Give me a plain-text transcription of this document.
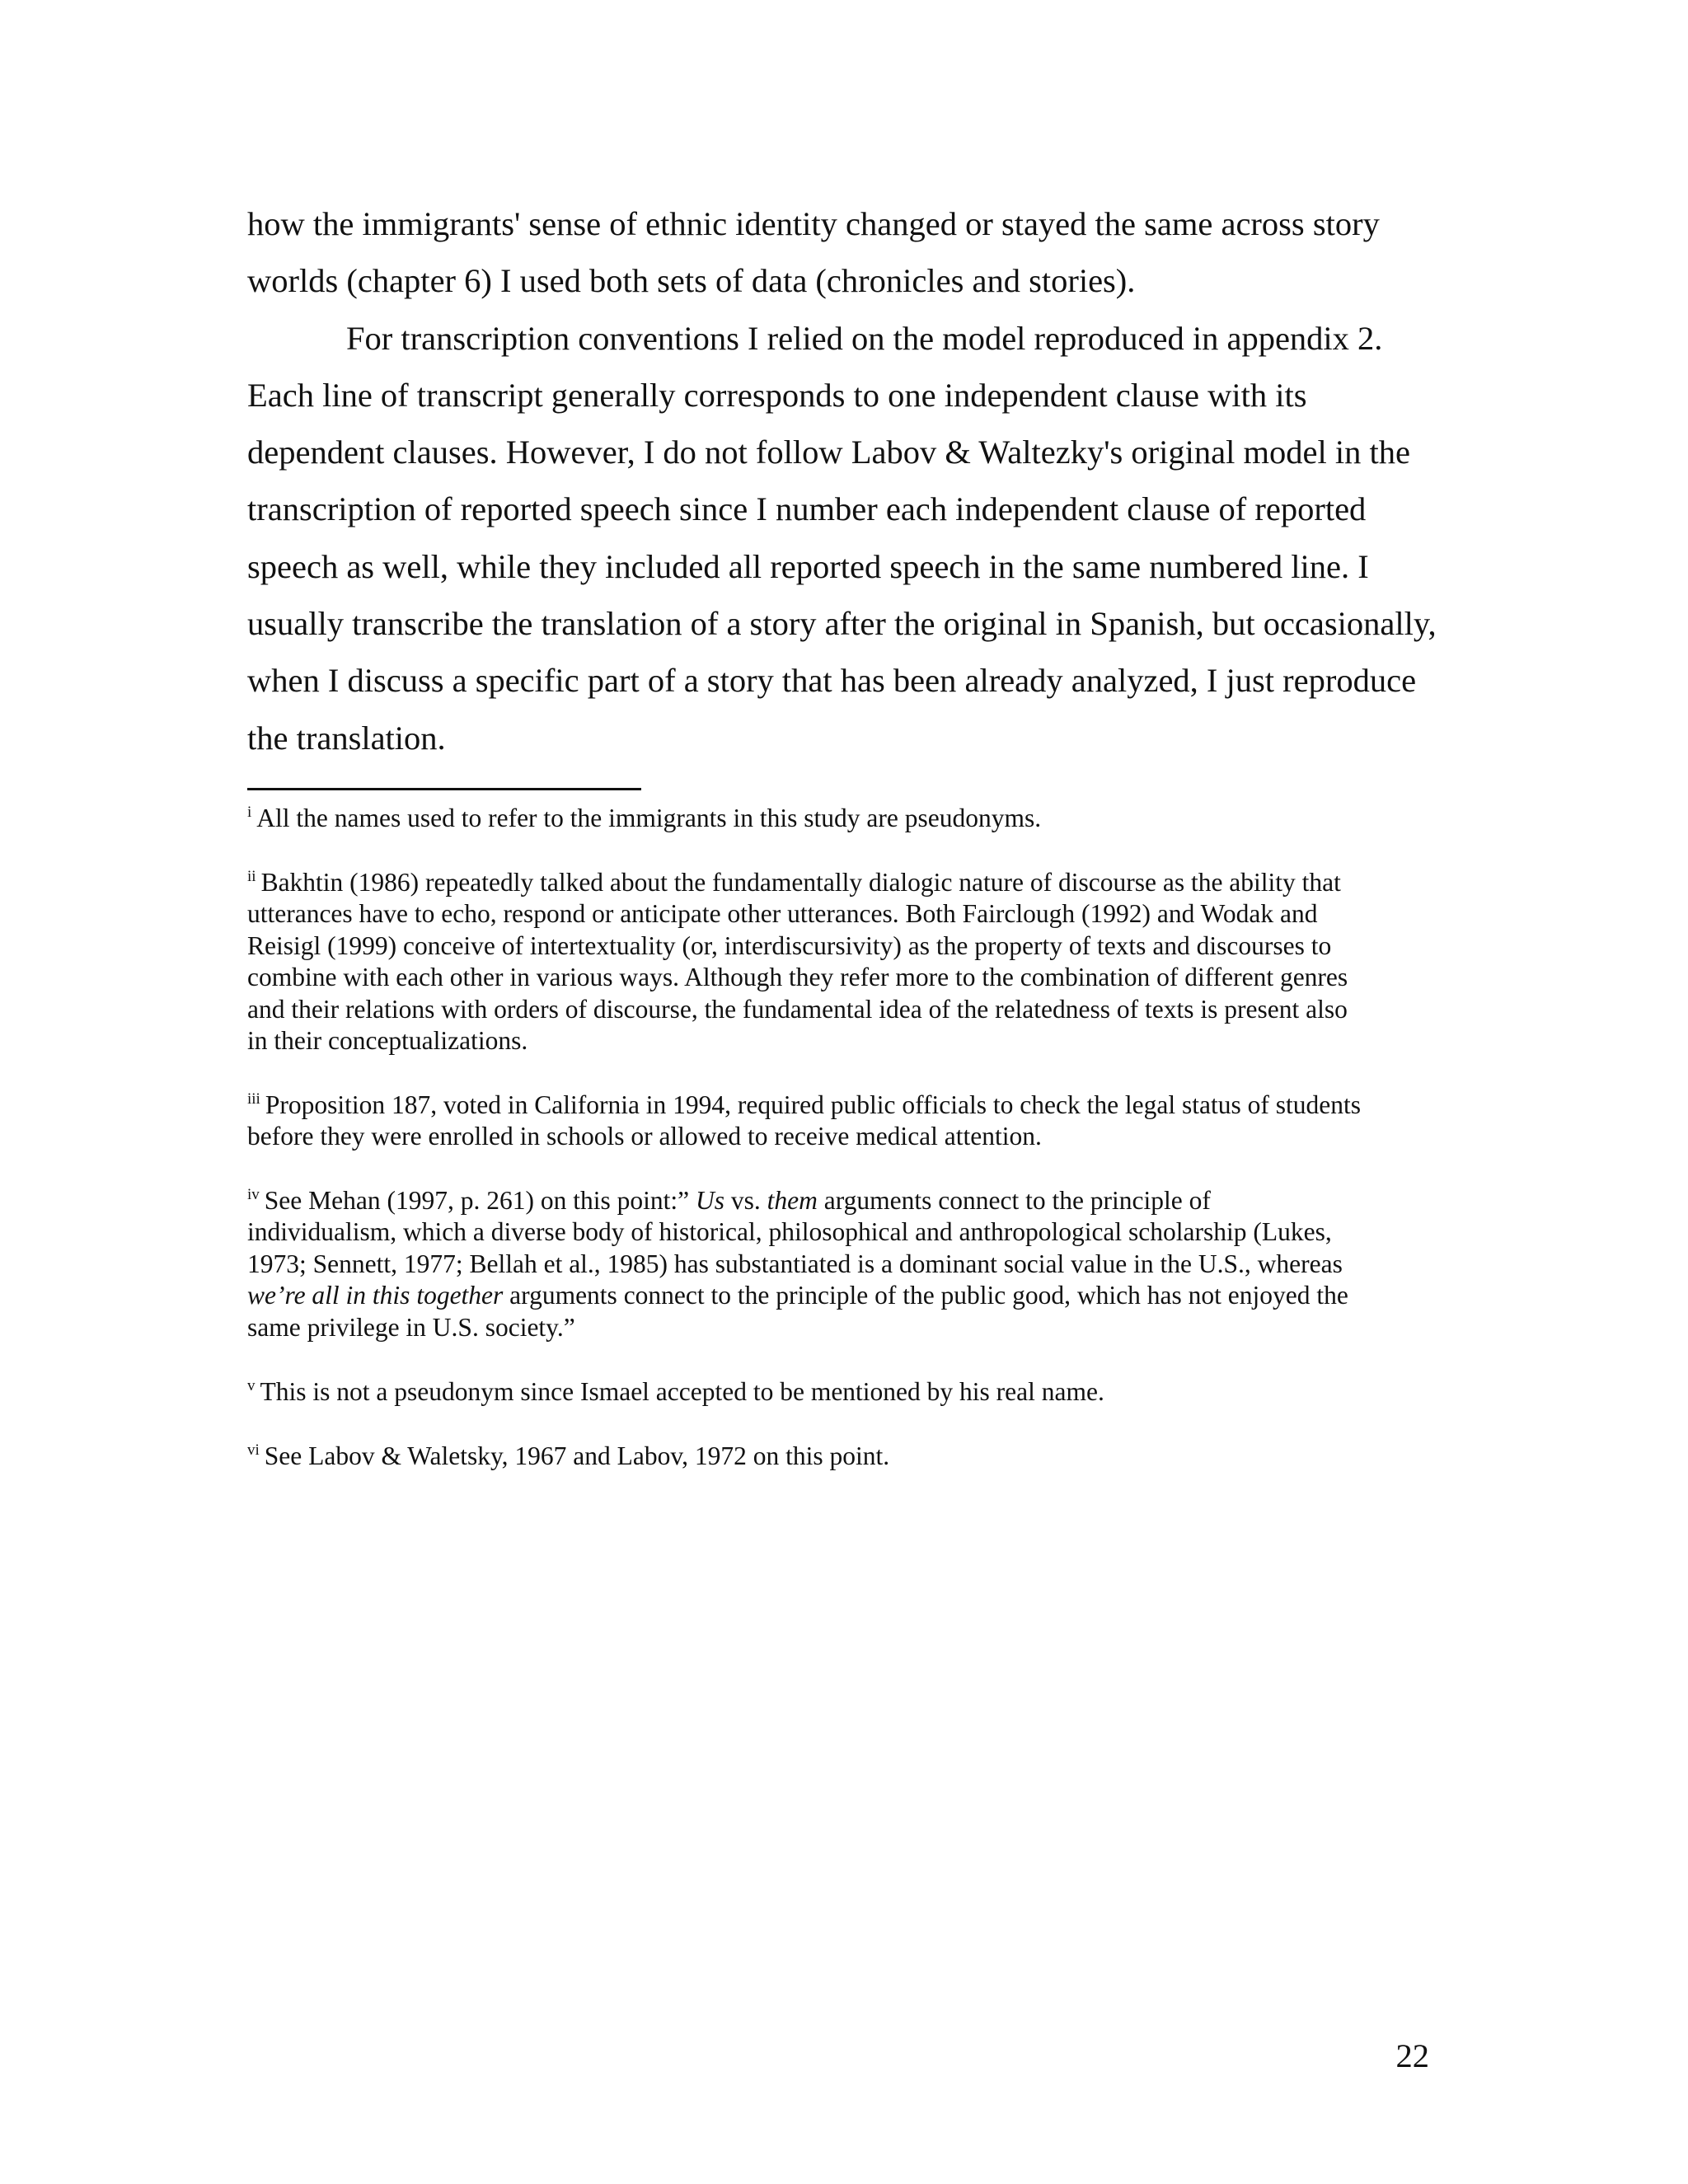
how the immigrants' sense of ethnic identity changed or stayed the same across story

worlds (chapter 6) I used both sets of data (chronicles and stories).

For transcription conventions I relied on the model reproduced in appendix 2.

Each line of transcript generally corresponds to one independent clause with its

dependent clauses. However, I do not follow Labov & Waltezky's original model in the

transcription of reported speech since I number each independent clause of reported

speech as well, while they included all reported speech in the same numbered line. I

usually transcribe the translation of a story after the original in Spanish, but occasionally,

when I discuss a specific part of a story that has been already analyzed, I just reproduce

the translation.

$^i$ All the names used to refer to the immigrants in this study are pseudonyms.
$^{ii}$ Bakhtin (1986) repeatedly talked about the fundamentally dialogic nature of discourse as the ability that
utterances have to echo, respond or anticipate other utterances. Both Fairclough (1992) and Wodak and
Reisigl (1999) conceive of intertextuality (or, interdiscursivity) as the property of texts and discourses to
combine with each other in various ways. Although they refer more to the combination of different genres
and their relations with orders of discourse, the fundamental idea of the relatedness of texts is present also
in their conceptualizations.
$^{iii}$ Proposition 187, voted in California in 1994, required public officials to check the legal status of students
before they were enrolled in schools or allowed to receive medical attention.
$^{iv}$ See Mehan (1997, p. 261) on this point:” Us vs. them arguments connect to the principle of
individualism, which a diverse body of historical, philosophical and anthropological scholarship (Lukes,
1973; Sennett, 1977; Bellah et al., 1985) has substantiated is a dominant social value in the U.S., whereas
we’re all in this together arguments connect to the principle of the public good, which has not enjoyed the
same privilege in U.S. society.”
$^v$ This is not a pseudonym since Ismael accepted to be mentioned by his real name.
$^{vi}$ See Labov & Waletsky, 1967 and Labov, 1972 on this point.
22
